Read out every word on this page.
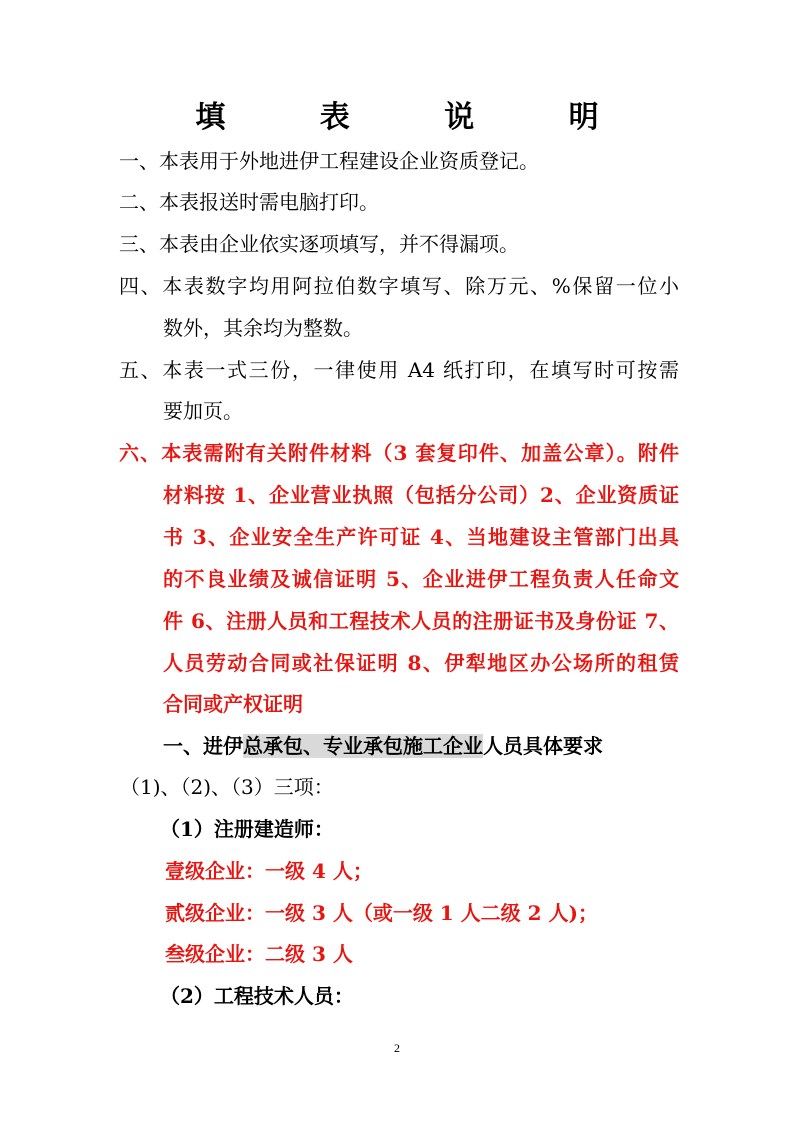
填 表 说 明
一、本表用于外地进伊工程建设企业资质登记。
二、本表报送时需电脑打印。
三、本表由企业依实逐项填写，并不得漏项。
四、本表数字均用阿拉伯数字填写、除万元、%保留一位小
数外，其余均为整数。
五、本表一式三份，一律使用 A4 纸打印，在填写时可按需
要加页。
六、本表需附有关附件材料（3 套复印件、加盖公章）。附件
材料按 1、企业营业执照（包括分公司）2、企业资质证
书 3、企业安全生产许可证 4、当地建设主管部门出具
的不良业绩及诚信证明 5、企业进伊工程负责人任命文
件 6、注册人员和工程技术人员的注册证书及身份证 7、
人员劳动合同或社保证明 8、伊犁地区办公场所的租赁
合同或产权证明
一、进伊总承包、专业承包施工企业人员具体要求
（1)、（2)、（3）三项：
（1）注册建造师：
壹级企业：一级 4 人；
贰级企业：一级 3 人（或一级 1 人二级 2 人)；
叁级企业：二级 3 人
（2）工程技术人员：
2
